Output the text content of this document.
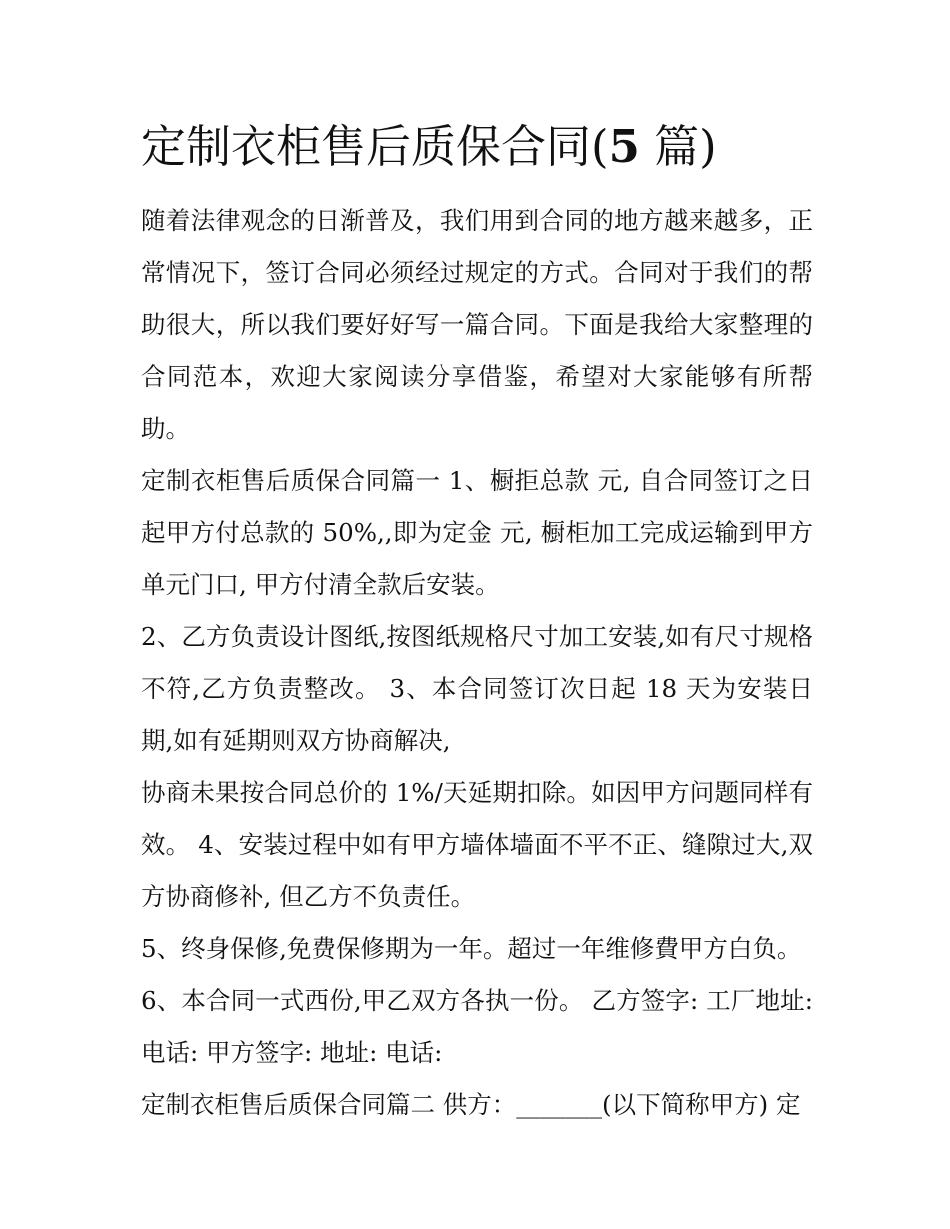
定制衣柜售后质保合同(5 篇)

随着法律观念的日渐普及，我们用到合同的地方越来越多，正常情况下，签订合同必须经过规定的方式。合同对于我们的帮助很大，所以我们要好好写一篇合同。下面是我给大家整理的合同范本，欢迎大家阅读分享借鉴，希望对大家能够有所帮助。

定制衣柜售后质保合同篇一 1、橱拒总款 元, 自合同签订之日起甲方付总款的 50%,,即为定金 元, 橱柜加工完成运输到甲方单元门口, 甲方付清全款后安装。

2、乙方负责设计图纸,按图纸规格尺寸加工安装,如有尺寸规格不符,乙方负责整改。 3、本合同签订次日起 18 天为安装日期,如有延期则双方协商解决,

协商未果按合同总价的 1%/天延期扣除。如因甲方问题同样有效。 4、安装过程中如有甲方墙体墙面不平不正、缝隙过大,双方协商修补, 但乙方不负责任。

5、终身保修,免费保修期为一年。超过一年维修費甲方白负。

6、本合同一式西份,甲乙双方各执一份。 乙方签字: 工厂地址: 电话: 甲方签字: 地址: 电话:

定制衣柜售后质保合同篇二 供方：_______(以下简称甲方) 定
